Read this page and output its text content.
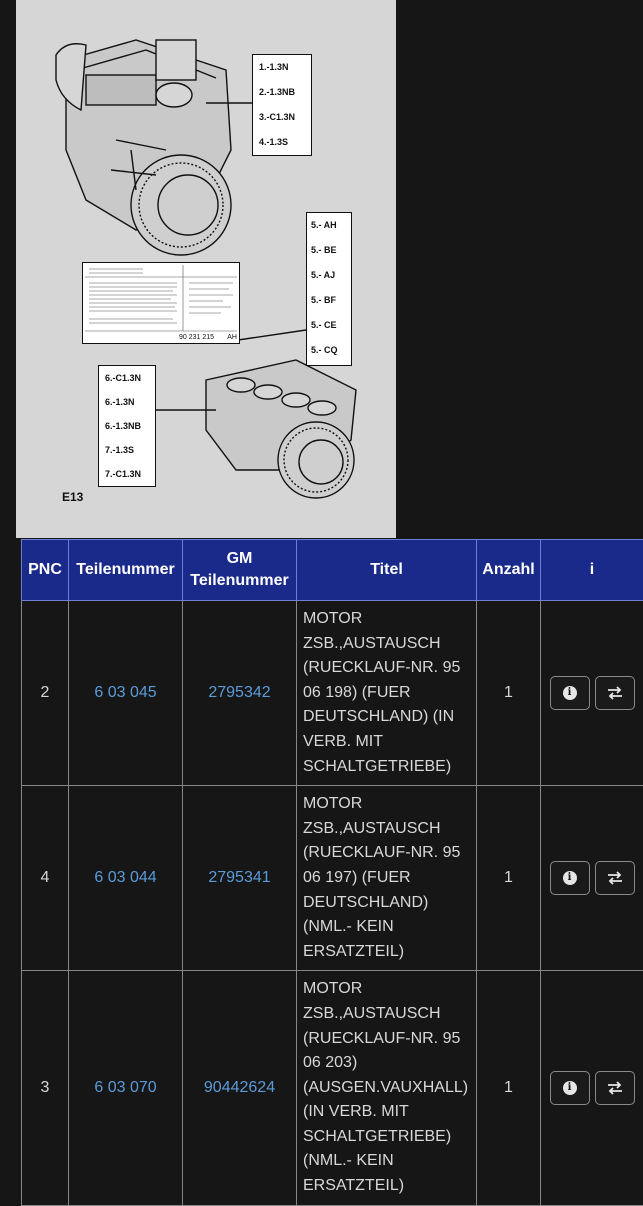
1.-1.3N
2.-1.3NB
3.-C1.3N
4.-1.3S
5.- AH
5.- BE
5.- AJ
5.- BF
5.- CE
5.- CQ
90 231 215 AH
6.-C1.3N
6.-1.3N
6.-1.3NB
7.-1.3S
7.-C1.3N
E13
PNC	Teilenummer	GM Teilenummer	Titel	Anzahl	i
2	6 03 045	2795342	MOTOR ZSB.,AUSTAUSCH (RUECKLAUF-NR. 95 06 198) (FUER DEUTSCHLAND) (IN VERB. MIT SCHALTGETRIEBE)	1	i

4	6 03 044	2795341	MOTOR ZSB.,AUSTAUSCH (RUECKLAUF-NR. 95 06 197) (FUER DEUTSCHLAND) (NML.- KEIN ERSATZTEIL)	1	i

3	6 03 070	90442624	MOTOR ZSB.,AUSTAUSCH (RUECKLAUF-NR. 95 06 203) (AUSGEN.VAUXHALL) (IN VERB. MIT SCHALTGETRIEBE) (NML.- KEIN ERSATZTEIL)	1	i
